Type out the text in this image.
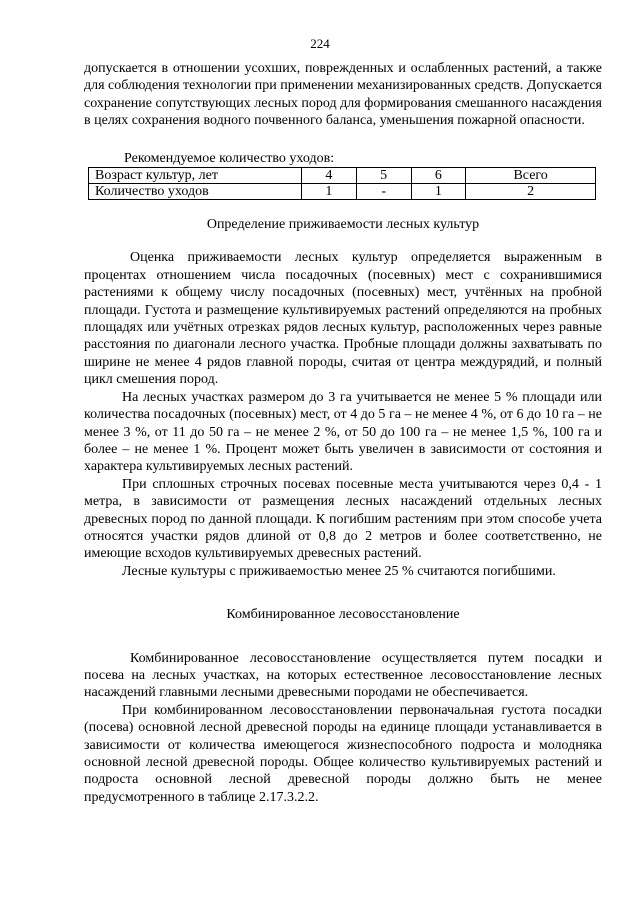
224

допускается в отношении усохших, поврежденных и ослабленных растений, а также для соблюдения технологии при применении механизированных средств. Допускается сохранение сопутствующих лесных пород для формирования смешанного насаждения в целях сохранения водного почвенного баланса, уменьшения пожарной опасности.

Рекомендуемое количество уходов:

Возраст культур, лет	4	5	6	Всего
Количество уходов	1	-	1	2

Определение приживаемости лесных культур

Оценка приживаемости лесных культур определяется выраженным в процентах отношением числа посадочных (посевных) мест с сохранившимися растениями к общему числу посадочных (посевных) мест, учтённых на пробной площади. Густота и размещение культивируемых растений определяются на пробных площадях или учётных отрезках рядов лесных культур, расположенных через равные расстояния по диагонали лесного участка. Пробные площади должны захватывать по ширине не менее 4 рядов главной породы, считая от центра междурядий, и полный цикл смешения пород.

На лесных участках размером до 3 га учитывается не менее 5 % площади или количества посадочных (посевных) мест, от 4 до 5 га – не менее 4 %, от 6 до 10 га – не менее 3 %, от 11 до 50 га – не менее 2 %, от 50 до 100 га – не менее 1,5 %, 100 га и более – не менее 1 %. Процент может быть увеличен в зависимости от состояния и характера культивируемых лесных растений.

При сплошных строчных посевах посевные места учитываются через 0,4 - 1 метра, в зависимости от размещения лесных насаждений отдельных лесных древесных пород по данной площади. К погибшим растениям при этом способе учета относятся участки рядов длиной от 0,8 до 2 метров и более соответственно, не имеющие всходов культивируемых древесных растений.

Лесные культуры с приживаемостью менее 25 % считаются погибшими.

Комбинированное лесовосстановление

Комбинированное лесовосстановление осуществляется путем посадки и посева на лесных участках, на которых естественное лесовосстановление лесных насаждений главными лесными древесными породами не обеспечивается.

При комбинированном лесовосстановлении первоначальная густота посадки (посева) основной лесной древесной породы на единице площади устанавливается в зависимости от количества имеющегося жизнеспособного подроста и молодняка основной лесной древесной породы. Общее количество культивируемых растений и подроста основной лесной древесной породы должно быть не менее предусмотренного в таблице 2.17.3.2.2.
